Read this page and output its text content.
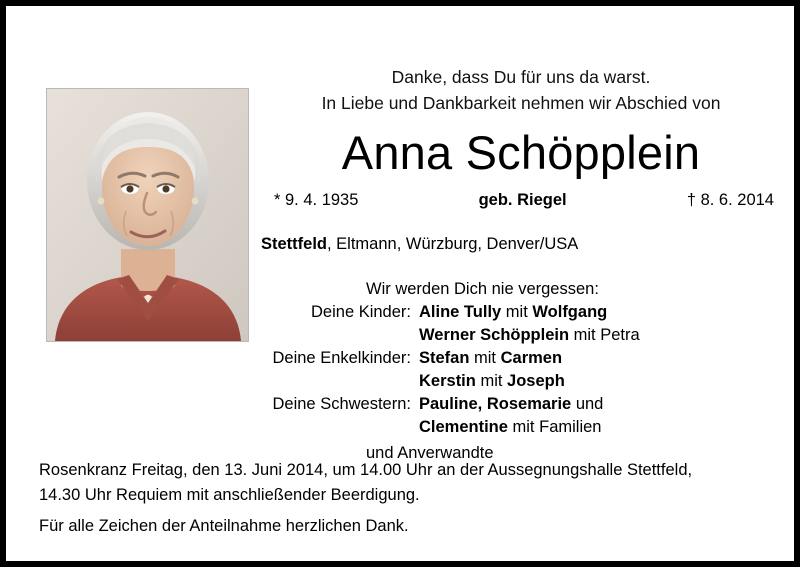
Danke, dass Du für uns da warst.
In Liebe und Dankbarkeit nehmen wir Abschied von
Anna Schöpplein
* 9. 4. 1935	geb. Riegel	† 8. 6. 2014
Stettfeld, Eltmann, Würzburg, Denver/USA
Wir werden Dich nie vergessen:
Deine Kinder: Aline Tully mit Wolfgang
Werner Schöpplein mit Petra
Deine Enkelkinder: Stefan mit Carmen
Kerstin mit Joseph
Deine Schwestern: Pauline, Rosemarie und
Clementine mit Familien
und Anverwandte
Rosenkranz Freitag, den 13. Juni 2014, um 14.00 Uhr an der Aussegnungshalle Stettfeld,
14.30 Uhr Requiem mit anschließender Beerdigung.
Für alle Zeichen der Anteilnahme herzlichen Dank.
